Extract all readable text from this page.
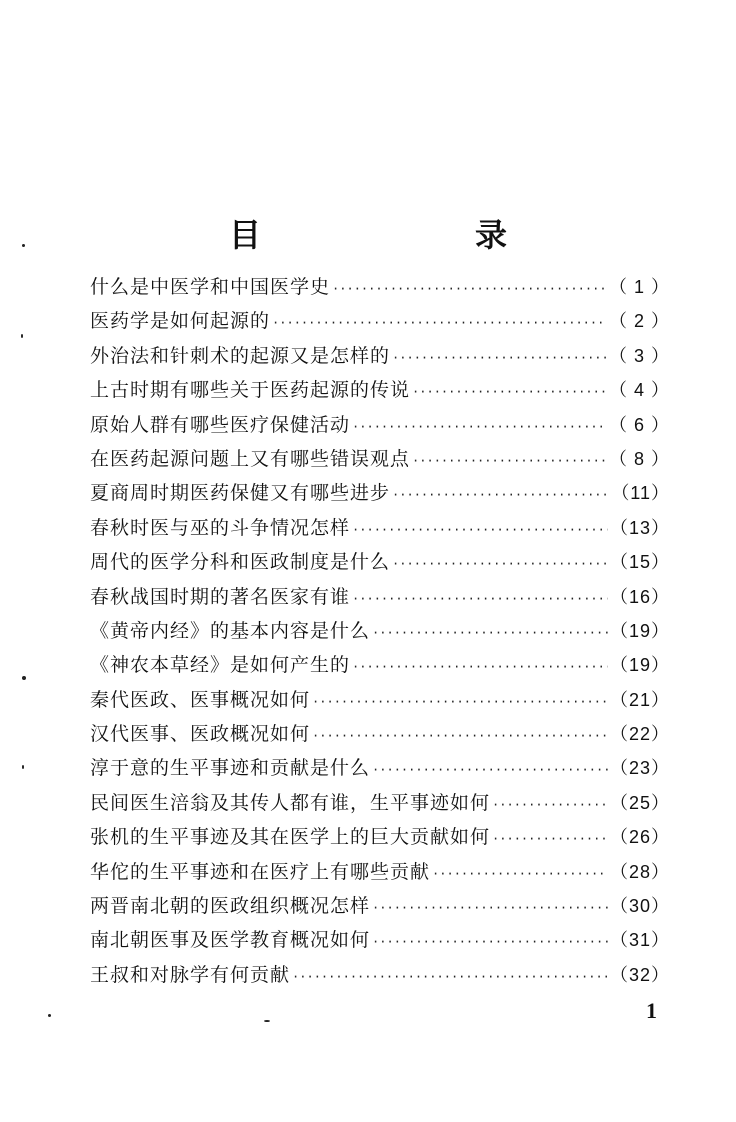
目　　录
什么是中医学和中国医学史 ·····	（ 1 ）
医药学是如何起源的 ·····	（ 2 ）
外治法和针刺术的起源又是怎样的 ·····	（ 3 ）
上古时期有哪些关于医药起源的传说 ·····	（ 4 ）
原始人群有哪些医疗保健活动 ·····	（ 6 ）
在医药起源问题上又有哪些错误观点 ·····	（ 8 ）
夏商周时期医药保健又有哪些进步 ·····	（11）
春秋时医与巫的斗争情况怎样 ·····	（13）
周代的医学分科和医政制度是什么 ·····	（15）
春秋战国时期的著名医家有谁 ·····	（16）
《黄帝内经》的基本内容是什么 ·····	（19）
《神农本草经》是如何产生的 ·····	（19）
秦代医政、医事概况如何 ·····	（21）
汉代医事、医政概况如何 ·····	（22）
淳于意的生平事迹和贡献是什么 ·····	（23）
民间医生涪翁及其传人都有谁，生平事迹如何 ·····	（25）
张机的生平事迹及其在医学上的巨大贡献如何 ·····	（26）
华佗的生平事迹和在医疗上有哪些贡献 ·····	（28）
两晋南北朝的医政组织概况怎样 ·····	（30）
南北朝医事及医学教育概况如何 ·····	（31）
王叔和对脉学有何贡献 ·····	（32）
1
